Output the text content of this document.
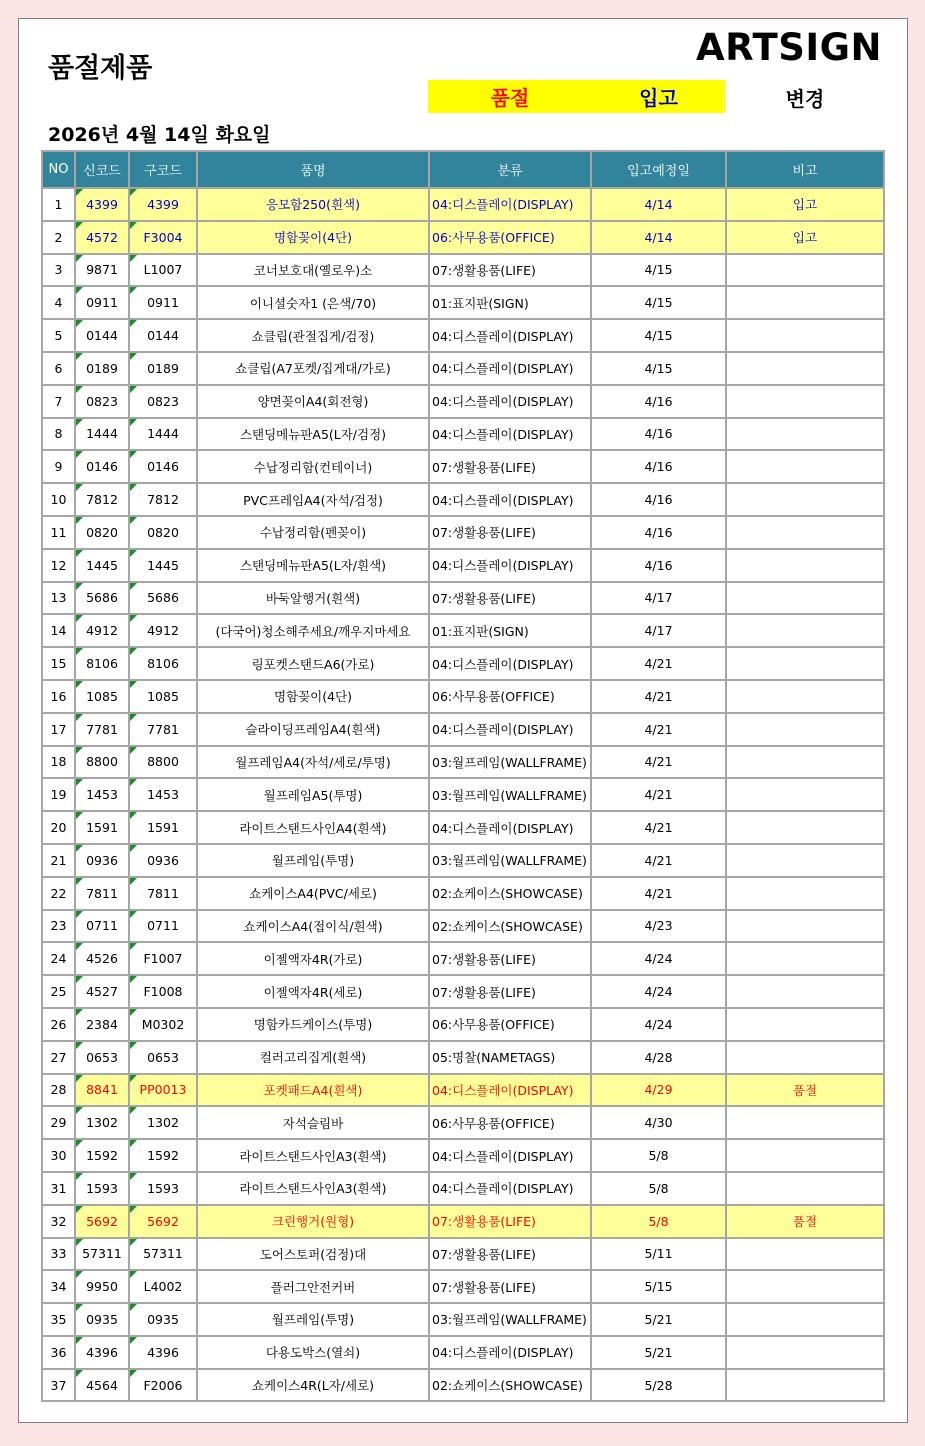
품절제품	ARTSIGN
품절	입고	변경
2026년 4월 14일 화요일
NO	신코드	구코드	품명	분류	입고예정일	비고
1	4399	4399	응모함250(흰색)	04:디스플레이(DISPLAY)	4/14	입고
2	4572	F3004	명함꽂이(4단)	06:사무용품(OFFICE)	4/14	입고
3	9871	L1007	코너보호대(옐로우)소	07:생활용품(LIFE)	4/15	
4	0911	0911	이니셜숫자1 (은색/70)	01:표지판(SIGN)	4/15	
5	0144	0144	쇼클립(관절집게/검정)	04:디스플레이(DISPLAY)	4/15	
6	0189	0189	쇼클립(A7포켓/집게대/가로)	04:디스플레이(DISPLAY)	4/15	
7	0823	0823	양면꽂이A4(회전형)	04:디스플레이(DISPLAY)	4/16	
8	1444	1444	스탠딩메뉴판A5(L자/검정)	04:디스플레이(DISPLAY)	4/16	
9	0146	0146	수납정리함(컨테이너)	07:생활용품(LIFE)	4/16	
10	7812	7812	PVC프레임A4(자석/검정)	04:디스플레이(DISPLAY)	4/16	
11	0820	0820	수납정리함(펜꽂이)	07:생활용품(LIFE)	4/16	
12	1445	1445	스탠딩메뉴판A5(L자/흰색)	04:디스플레이(DISPLAY)	4/16	
13	5686	5686	바둑알행거(흰색)	07:생활용품(LIFE)	4/17	
14	4912	4912	(다국어)청소해주세요/깨우지마세요	01:표지판(SIGN)	4/17	
15	8106	8106	링포켓스탠드A6(가로)	04:디스플레이(DISPLAY)	4/21	
16	1085	1085	명함꽂이(4단)	06:사무용품(OFFICE)	4/21	
17	7781	7781	슬라이딩프레임A4(흰색)	04:디스플레이(DISPLAY)	4/21	
18	8800	8800	월프레임A4(자석/세로/투명)	03:월프레임(WALLFRAME)	4/21	
19	1453	1453	월프레임A5(투명)	03:월프레임(WALLFRAME)	4/21	
20	1591	1591	라이트스탠드사인A4(흰색)	04:디스플레이(DISPLAY)	4/21	
21	0936	0936	월프레임(투명)	03:월프레임(WALLFRAME)	4/21	
22	7811	7811	쇼케이스A4(PVC/세로)	02:쇼케이스(SHOWCASE)	4/21	
23	0711	0711	쇼케이스A4(접이식/흰색)	02:쇼케이스(SHOWCASE)	4/23	
24	4526	F1007	이젤액자4R(가로)	07:생활용품(LIFE)	4/24	
25	4527	F1008	이젤액자4R(세로)	07:생활용품(LIFE)	4/24	
26	2384	M0302	명함카드케이스(투명)	06:사무용품(OFFICE)	4/24	
27	0653	0653	컬러고리집게(흰색)	05:명찰(NAMETAGS)	4/28	
28	8841	PP0013	포켓패드A4(흰색)	04:디스플레이(DISPLAY)	4/29	품절
29	1302	1302	자석슬림바	06:사무용품(OFFICE)	4/30	
30	1592	1592	라이트스탠드사인A3(흰색)	04:디스플레이(DISPLAY)	5/8	
31	1593	1593	라이트스탠드사인A3(흰색)	04:디스플레이(DISPLAY)	5/8	
32	5692	5692	크린행거(원형)	07:생활용품(LIFE)	5/8	품절
33	57311	57311	도어스토퍼(검정)대	07:생활용품(LIFE)	5/11	
34	9950	L4002	플러그안전커버	07:생활용품(LIFE)	5/15	
35	0935	0935	월프레임(투명)	03:월프레임(WALLFRAME)	5/21	
36	4396	4396	다용도박스(열쇠)	04:디스플레이(DISPLAY)	5/21	
37	4564	F2006	쇼케이스4R(L자/세로)	02:쇼케이스(SHOWCASE)	5/28	
